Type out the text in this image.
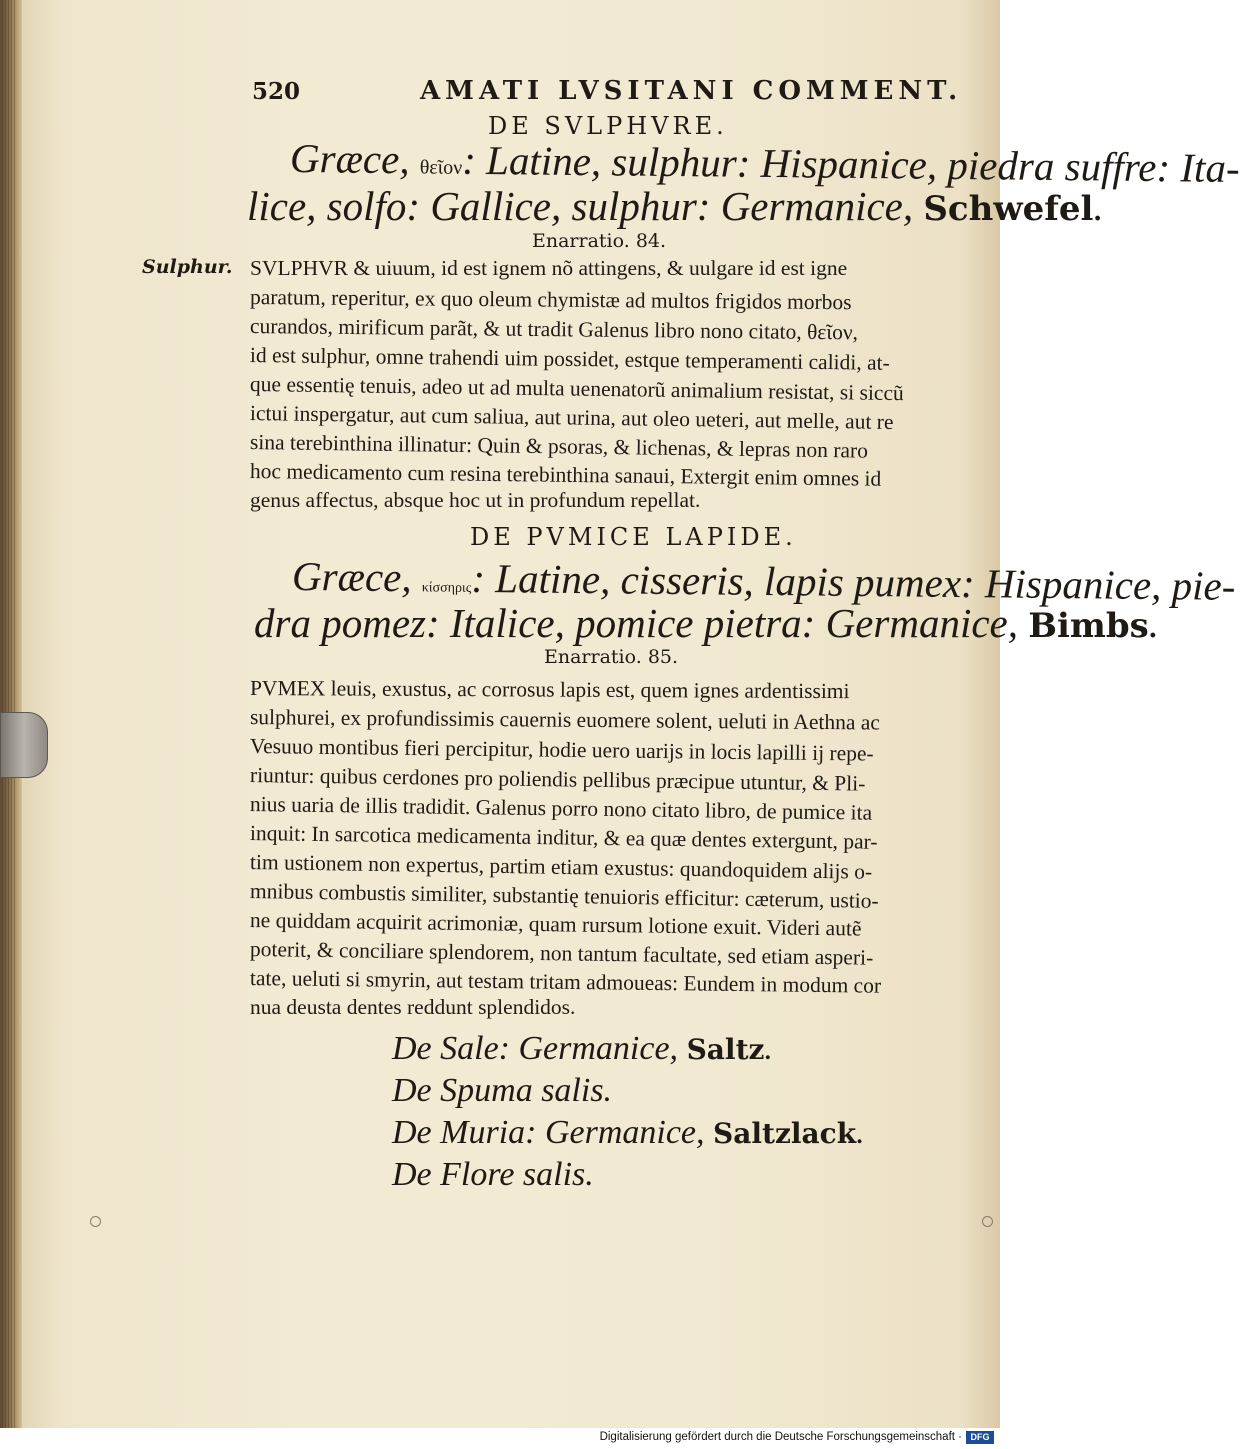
520	AMATI LVSITANI COMMENT.
DE SVLPHVRE.
Græce, θεῖον: Latine, sulphur: Hispanice, piedra suffre: Ita-
lice, solfo: Gallice, sulphur: Germanice, Schwefel.
Enarratio. 84.
Sulphur. SVLPHVR & uiuum, id est ignem nõ attingens, & uulgare id est igne
paratum, reperitur, ex quo oleum chymistæ ad multos frigidos morbos
curandos, mirificum parãt, & ut tradit Galenus libro nono citato, θεῖον,
id est sulphur, omne trahendi uim possidet, estque temperamenti calidi, at-
que essentię tenuis, adeo ut ad multa uenenatorũ animalium resistat, si siccũ
ictui inspergatur, aut cum saliua, aut urina, aut oleo ueteri, aut melle, aut re
sina terebinthina illinatur: Quin & psoras, & lichenas, & lepras non raro
hoc medicamento cum resina terebinthina sanaui, Extergit enim omnes id
genus affectus, absque hoc ut in profundum repellat.
DE PVMICE LAPIDE.
Græce, κίσσηρις: Latine, cisseris, lapis pumex: Hispanice, pie-
dra pomez: Italice, pomice pietra: Germanice, Bimbs.
Enarratio. 85.
PVMEX leuis, exustus, ac corrosus lapis est, quem ignes ardentissimi
sulphurei, ex profundissimis cauernis euomere solent, ueluti in Aethna ac
Vesuuo montibus fieri percipitur, hodie uero uarijs in locis lapilli ij repe-
riuntur: quibus cerdones pro poliendis pellibus præcipue utuntur, & Pli-
nius uaria de illis tradidit. Galenus porro nono citato libro, de pumice ita
inquit: In sarcotica medicamenta inditur, & ea quæ dentes extergunt, par-
tim ustionem non expertus, partim etiam exustus: quandoquidem alijs o-
mnibus combustis similiter, substantię tenuioris efficitur: cæterum, ustio-
ne quiddam acquirit acrimoniæ, quam rursum lotione exuit. Videri autẽ
poterit, & conciliare splendorem, non tantum facultate, sed etiam asperi-
tate, ueluti si smyrin, aut testam tritam admoueas: Eundem in modum cor
nua deusta dentes reddunt splendidos.
De Sale: Germanice, Saltz.
De Spuma salis.
De Muria: Germanice, Saltzlack.
De Flore salis.
Digitalisierung gefördert durch die Deutsche Forschungsgemeinschaft · DFG
